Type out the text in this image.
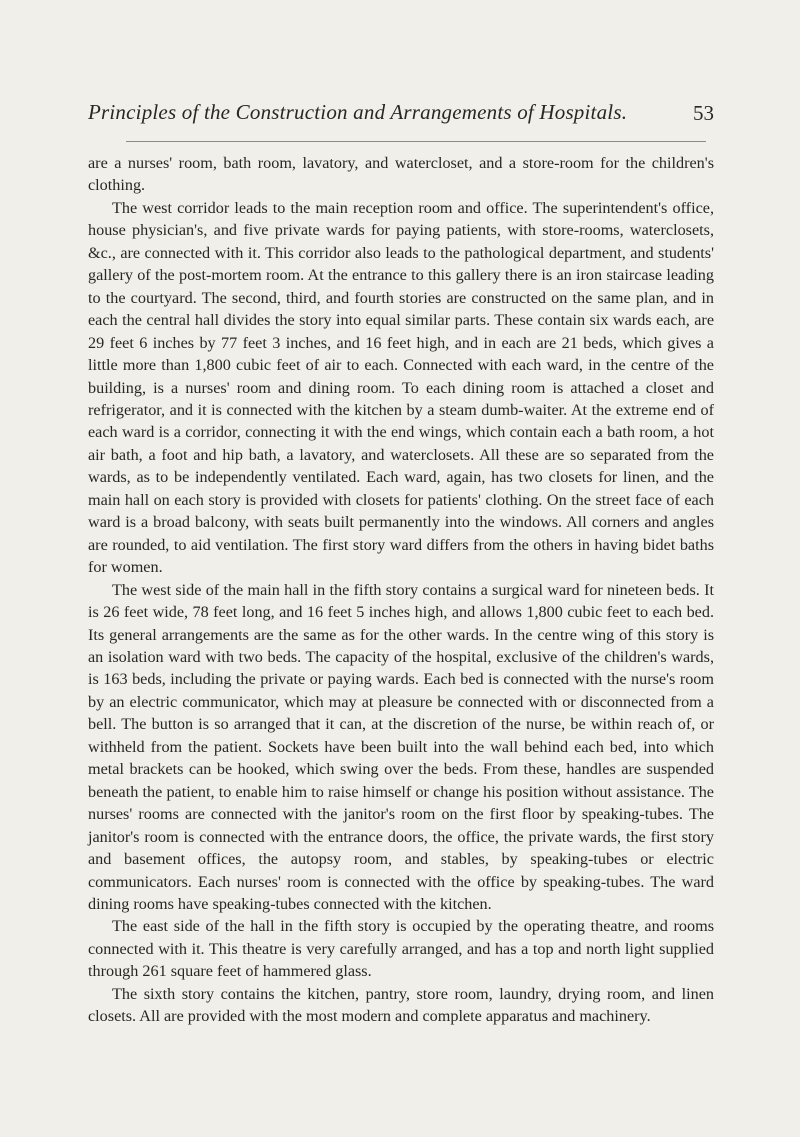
Principles of the Construction and Arrangements of Hospitals.	53

are a nurses' room, bath room, lavatory, and watercloset, and a store-room for the children's clothing.

The west corridor leads to the main reception room and office. The superintendent's office, house physician's, and five private wards for paying patients, with store-rooms, waterclosets, &c., are connected with it. This corridor also leads to the pathological department, and students' gallery of the post-mortem room. At the entrance to this gallery there is an iron staircase leading to the courtyard. The second, third, and fourth stories are constructed on the same plan, and in each the central hall divides the story into equal similar parts. These contain six wards each, are 29 feet 6 inches by 77 feet 3 inches, and 16 feet high, and in each are 21 beds, which gives a little more than 1,800 cubic feet of air to each. Connected with each ward, in the centre of the building, is a nurses' room and dining room. To each dining room is attached a closet and refrigerator, and it is connected with the kitchen by a steam dumb-waiter. At the extreme end of each ward is a corridor, connecting it with the end wings, which contain each a bath room, a hot air bath, a foot and hip bath, a lavatory, and waterclosets. All these are so separated from the wards, as to be independently ventilated. Each ward, again, has two closets for linen, and the main hall on each story is provided with closets for patients' clothing. On the street face of each ward is a broad balcony, with seats built permanently into the windows. All corners and angles are rounded, to aid ventilation. The first story ward differs from the others in having bidet baths for women.

The west side of the main hall in the fifth story contains a surgical ward for nineteen beds. It is 26 feet wide, 78 feet long, and 16 feet 5 inches high, and allows 1,800 cubic feet to each bed. Its general arrangements are the same as for the other wards. In the centre wing of this story is an isolation ward with two beds. The capacity of the hospital, exclusive of the children's wards, is 163 beds, including the private or paying wards. Each bed is connected with the nurse's room by an electric communicator, which may at pleasure be connected with or disconnected from a bell. The button is so arranged that it can, at the discretion of the nurse, be within reach of, or withheld from the patient. Sockets have been built into the wall behind each bed, into which metal brackets can be hooked, which swing over the beds. From these, handles are suspended beneath the patient, to enable him to raise himself or change his position without assistance. The nurses' rooms are connected with the janitor's room on the first floor by speaking-tubes. The janitor's room is connected with the entrance doors, the office, the private wards, the first story and basement offices, the autopsy room, and stables, by speaking-tubes or electric communicators. Each nurses' room is connected with the office by speaking-tubes. The ward dining rooms have speaking-tubes connected with the kitchen.

The east side of the hall in the fifth story is occupied by the operating theatre, and rooms connected with it. This theatre is very carefully arranged, and has a top and north light supplied through 261 square feet of hammered glass.

The sixth story contains the kitchen, pantry, store room, laundry, drying room, and linen closets. All are provided with the most modern and complete apparatus and machinery.
